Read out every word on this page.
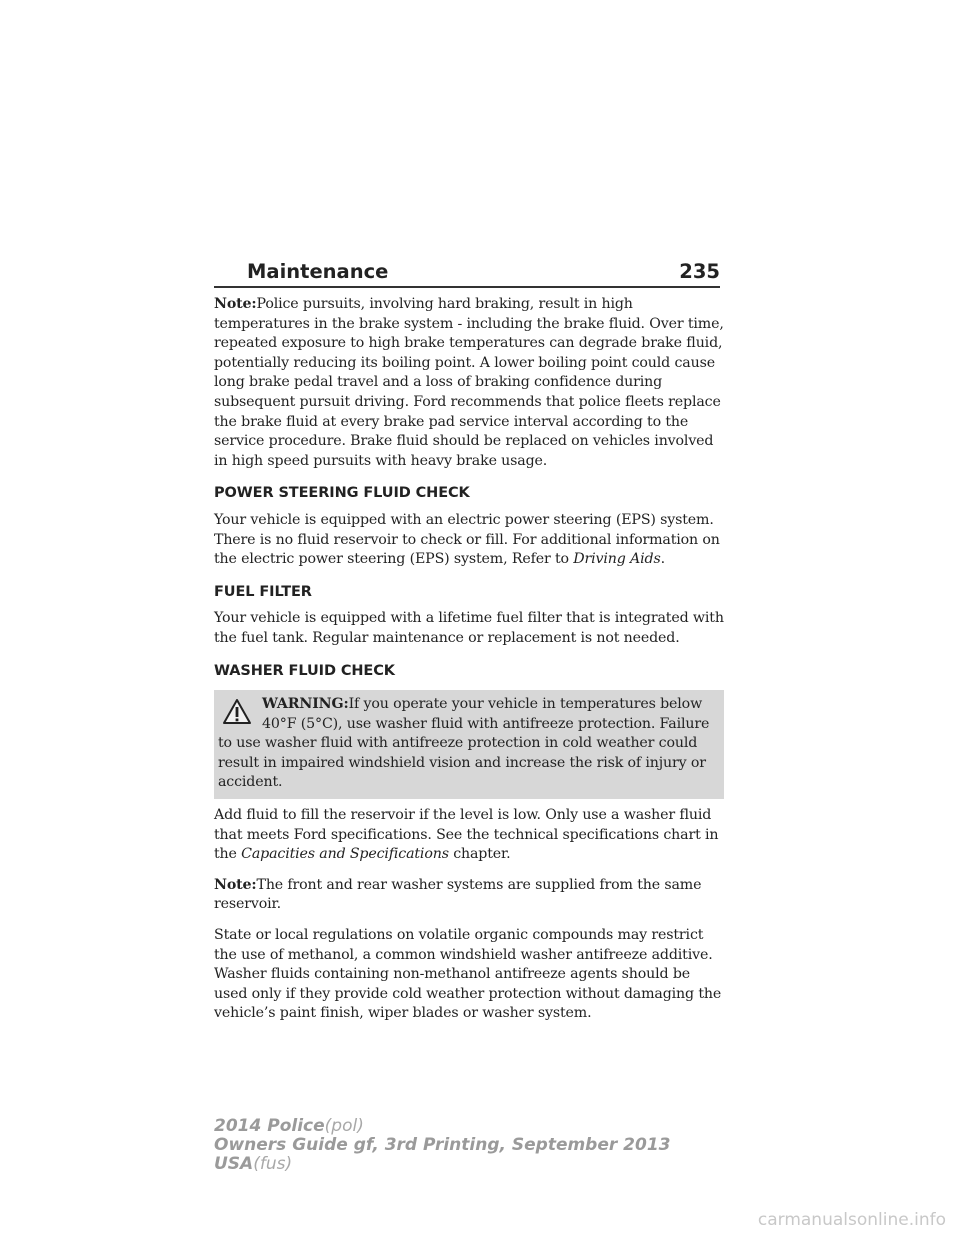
Maintenance	235

Note:Police pursuits, involving hard braking, result in high temperatures in the brake system - including the brake fluid. Over time, repeated exposure to high brake temperatures can degrade brake fluid, potentially reducing its boiling point. A lower boiling point could cause long brake pedal travel and a loss of braking confidence during subsequent pursuit driving. Ford recommends that police fleets replace the brake fluid at every brake pad service interval according to the service procedure. Brake fluid should be replaced on vehicles involved in high speed pursuits with heavy brake usage.

POWER STEERING FLUID CHECK

Your vehicle is equipped with an electric power steering (EPS) system. There is no fluid reservoir to check or fill. For additional information on the electric power steering (EPS) system, Refer to Driving Aids.

FUEL FILTER

Your vehicle is equipped with a lifetime fuel filter that is integrated with the fuel tank. Regular maintenance or replacement is not needed.

WASHER FLUID CHECK
WARNING:If you operate your vehicle in temperatures below
40°F (5°C), use washer fluid with antifreeze protection. Failure
to use washer fluid with antifreeze protection in cold weather could result in impaired windshield vision and increase the risk of injury or accident.

Add fluid to fill the reservoir if the level is low. Only use a washer fluid that meets Ford specifications. See the technical specifications chart in the Capacities and Specifications chapter.

Note:The front and rear washer systems are supplied from the same reservoir.

State or local regulations on volatile organic compounds may restrict the use of methanol, a common windshield washer antifreeze additive. Washer fluids containing non-methanol antifreeze agents should be used only if they provide cold weather protection without damaging the vehicle’s paint finish, wiper blades or washer system.

2014 Police(pol)
Owners Guide gf, 3rd Printing, September 2013
USA(fus)
carmanualsonline.info
